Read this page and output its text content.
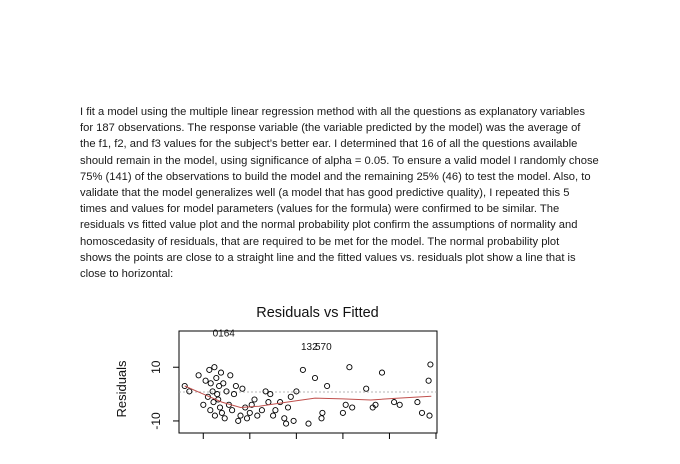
I fit a model using the multiple linear regression method with all the questions as explanatory variables
for 187 observations. The response variable (the variable predicted by the model) was the average of
the f1, f2, and f3 values for the subject’s better ear. I determined that 16 of all the questions available
should remain in the model, using significance of alpha = 0.05. To ensure a valid model I randomly chose
75% (141) of the observations to build the model and the remaining 25% (46) to test the model. Also, to
validate that the model generalizes well (a model that has good predictive quality), I repeated this 5
times and values for model parameters (values for the formula) were confirmed to be similar. The
residuals vs fitted value plot and the normal probability plot confirm the assumptions of normality and
homoscedasity of residuals, that are required to be met for the model. The normal probability plot
shows the points are close to a straight line and the fitted values vs. residuals plot show a line that is
close to horizontal:
Residuals vs Fitted
10
-10
0164
132
570
Residuals
